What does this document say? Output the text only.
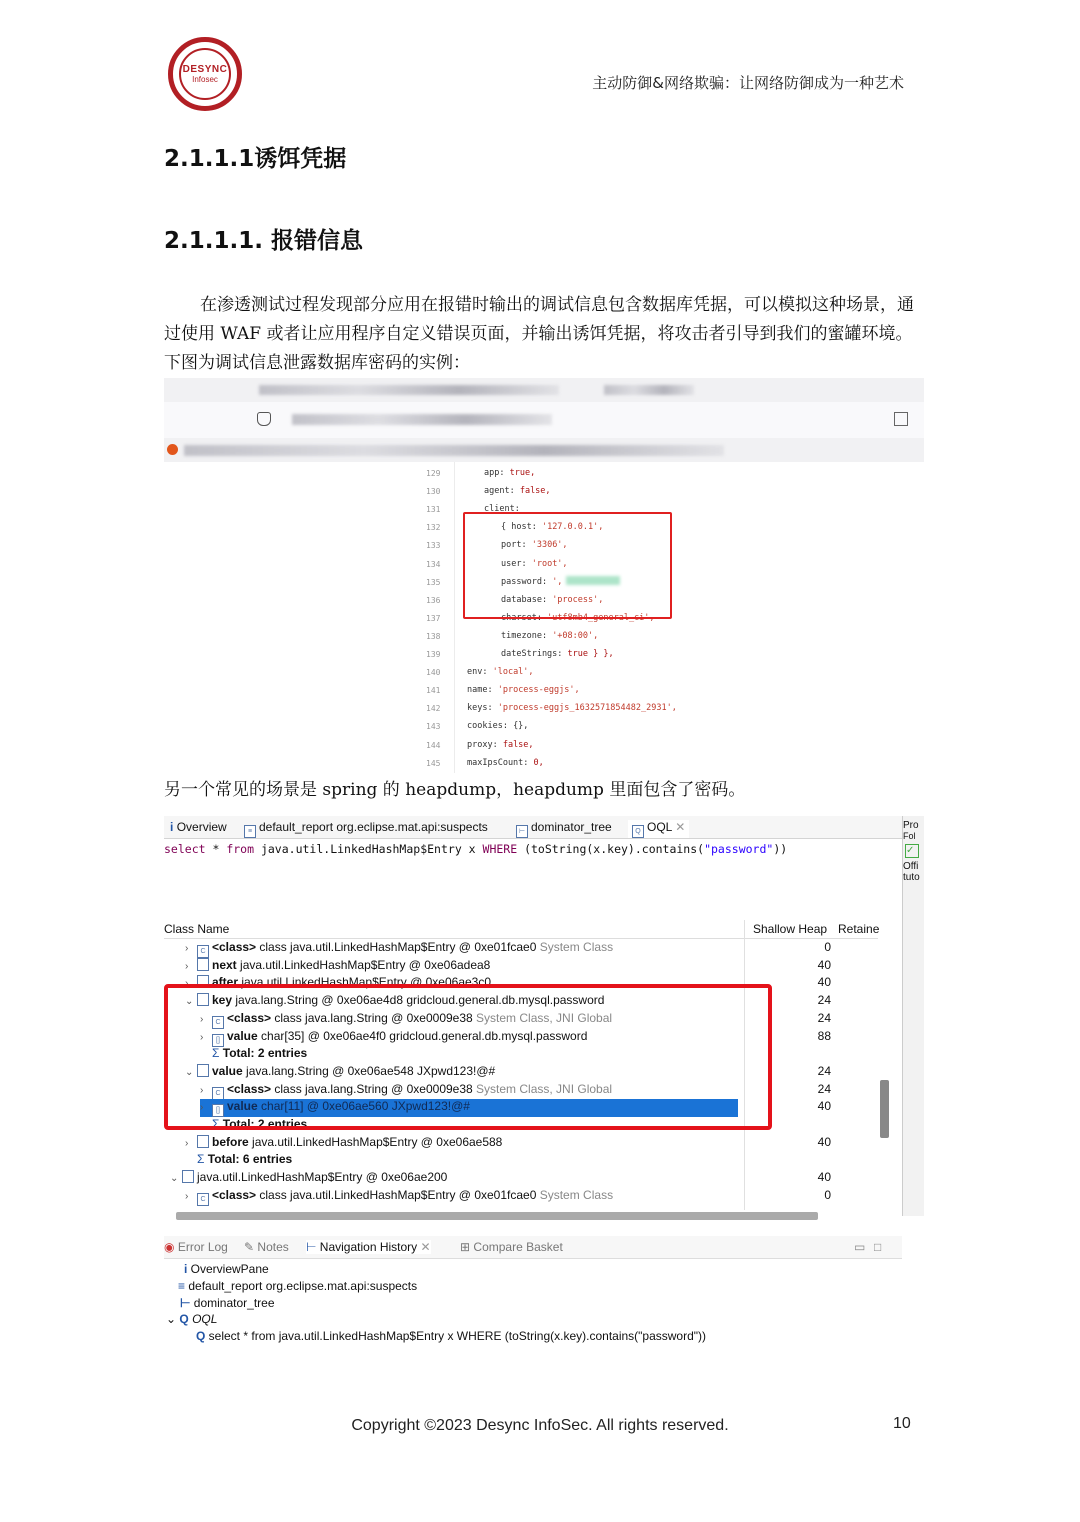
DESYNC
Infosec	主动防御&网络欺骗：让网络防御成为一种艺术
2.1.1.1诱饵凭据
2.1.1.1. 报错信息
在渗透测试过程发现部分应用在报错时输出的调试信息包含数据库凭据，可以模拟这种场景，通过使用 WAF 或者让应用程序自定义错误页面，并输出诱饵凭据，将攻击者引导到我们的蜜罐环境。下图为调试信息泄露数据库密码的实例：
129	app: true,
130	agent: false,
131	client:
132	{ host: '127.0.0.1',
133	port: '3306',
134	user: 'root',
135	password: ',
136	database: 'process',
137	charset: 'utf8mb4_general_ci',
138	timezone: '+08:00',
139	dateStrings: true } },
140	env: 'local',
141	name: 'process-eggjs',
142	keys: 'process-eggjs_1632571854482_2931',
143	cookies: {},
144	proxy: false,
145	maxIpsCount: 0,
另一个常见的场景是 spring 的 heapdump，heapdump 里面包含了密码。
i Overview	≡ default_report org.eclipse.mat.api:suspects	⊢ dominator_tree	Q OQL ✕
select * from java.util.LinkedHashMap$Entry x WHERE (toString(x.key).contains("password"))
Pro
Fol
✓
Offi
tuto
Class Name	Shallow Heap Retaine
› C <class> class java.util.LinkedHashMap$Entry @ 0xe01fcae0 System Class	0
› next java.util.LinkedHashMap$Entry @ 0xe06adea8	40
› after java.util.LinkedHashMap$Entry @ 0xe06ae3c0	40
⌄ key java.lang.String @ 0xe06ae4d8 gridcloud.general.db.mysql.password	24
› C <class> class java.lang.String @ 0xe0009e38 System Class, JNI Global	24
› [] value char[35] @ 0xe06ae4f0 gridcloud.general.db.mysql.password	88
Σ Total: 2 entries
⌄ value java.lang.String @ 0xe06ae548 JXpwd123!@#	24
› C <class> class java.lang.String @ 0xe0009e38 System Class, JNI Global	24
› [] value char[11] @ 0xe06ae560 JXpwd123!@#	40
Σ Total: 2 entries
› before java.util.LinkedHashMap$Entry @ 0xe06ae588	40
Σ Total: 6 entries
⌄ java.util.LinkedHashMap$Entry @ 0xe06ae200	40
› C <class> class java.util.LinkedHashMap$Entry @ 0xe01fcae0 System Class	0
◉ Error Log ✎ Notes ⊢ Navigation History ✕ ⊞ Compare Basket	▭ □
i OverviewPane
≡ default_report org.eclipse.mat.api:suspects
⊢ dominator_tree
⌄ Q OQL
Q select * from java.util.LinkedHashMap$Entry x WHERE (toString(x.key).contains("password"))
Copyright ©2023 Desync InfoSec. All rights reserved.	10
